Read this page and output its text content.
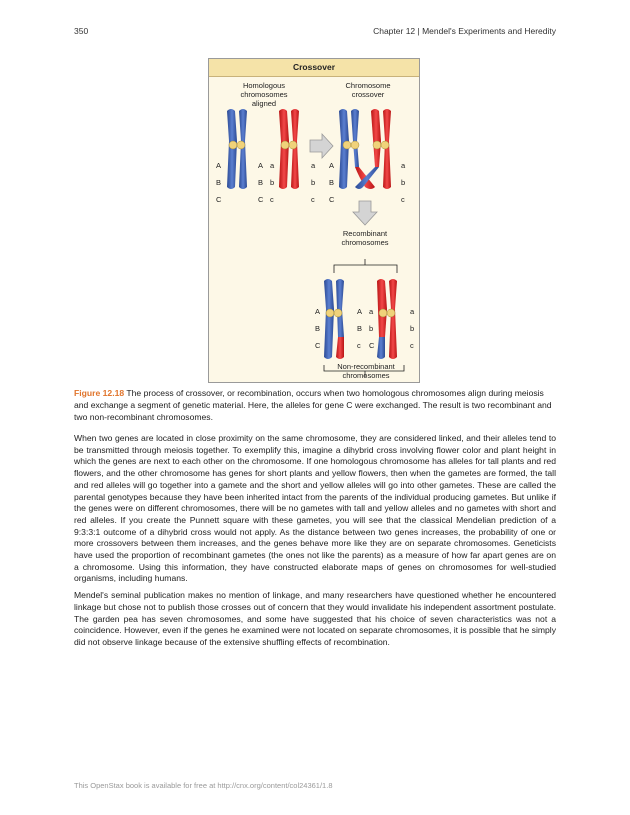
350	Chapter 12 | Mendel's Experiments and Heredity
Crossover
Homologous chromosomes aligned
Chromosome crossover
A
B
C
A
B
C
a
b
c
a
b
c
A
B
C
a
b
c
Recombinant chromosomes
A
B
C
A
B
c
a
b
C
a
b
c
Non-recombinant chromosomes
Figure 12.18 The process of crossover, or recombination, occurs when two homologous chromosomes align during meiosis and exchange a segment of genetic material. Here, the alleles for gene C were exchanged. The result is two recombinant and two non-recombinant chromosomes.

When two genes are located in close proximity on the same chromosome, they are considered linked, and their alleles tend to be transmitted through meiosis together. To exemplify this, imagine a dihybrid cross involving flower color and plant height in which the genes are next to each other on the chromosome. If one homologous chromosome has alleles for tall plants and red flowers, and the other chromosome has genes for short plants and yellow flowers, then when the gametes are formed, the tall and red alleles will go together into a gamete and the short and yellow alleles will go into other gametes. These are called the parental genotypes because they have been inherited intact from the parents of the individual producing gametes. But unlike if the genes were on different chromosomes, there will be no gametes with tall and yellow alleles and no gametes with short and red alleles. If you create the Punnett square with these gametes, you will see that the classical Mendelian prediction of a 9:3:3:1 outcome of a dihybrid cross would not apply. As the distance between two genes increases, the probability of one or more crossovers between them increases, and the genes behave more like they are on separate chromosomes. Geneticists have used the proportion of recombinant gametes (the ones not like the parents) as a measure of how far apart genes are on a chromosome. Using this information, they have constructed elaborate maps of genes on chromosomes for well-studied organisms, including humans.

Mendel's seminal publication makes no mention of linkage, and many researchers have questioned whether he encountered linkage but chose not to publish those crosses out of concern that they would invalidate his independent assortment postulate. The garden pea has seven chromosomes, and some have suggested that his choice of seven characteristics was not a coincidence. However, even if the genes he examined were not located on separate chromosomes, it is possible that he simply did not observe linkage because of the extensive shuffling effects of recombination.

This OpenStax book is available for free at http://cnx.org/content/col24361/1.8
